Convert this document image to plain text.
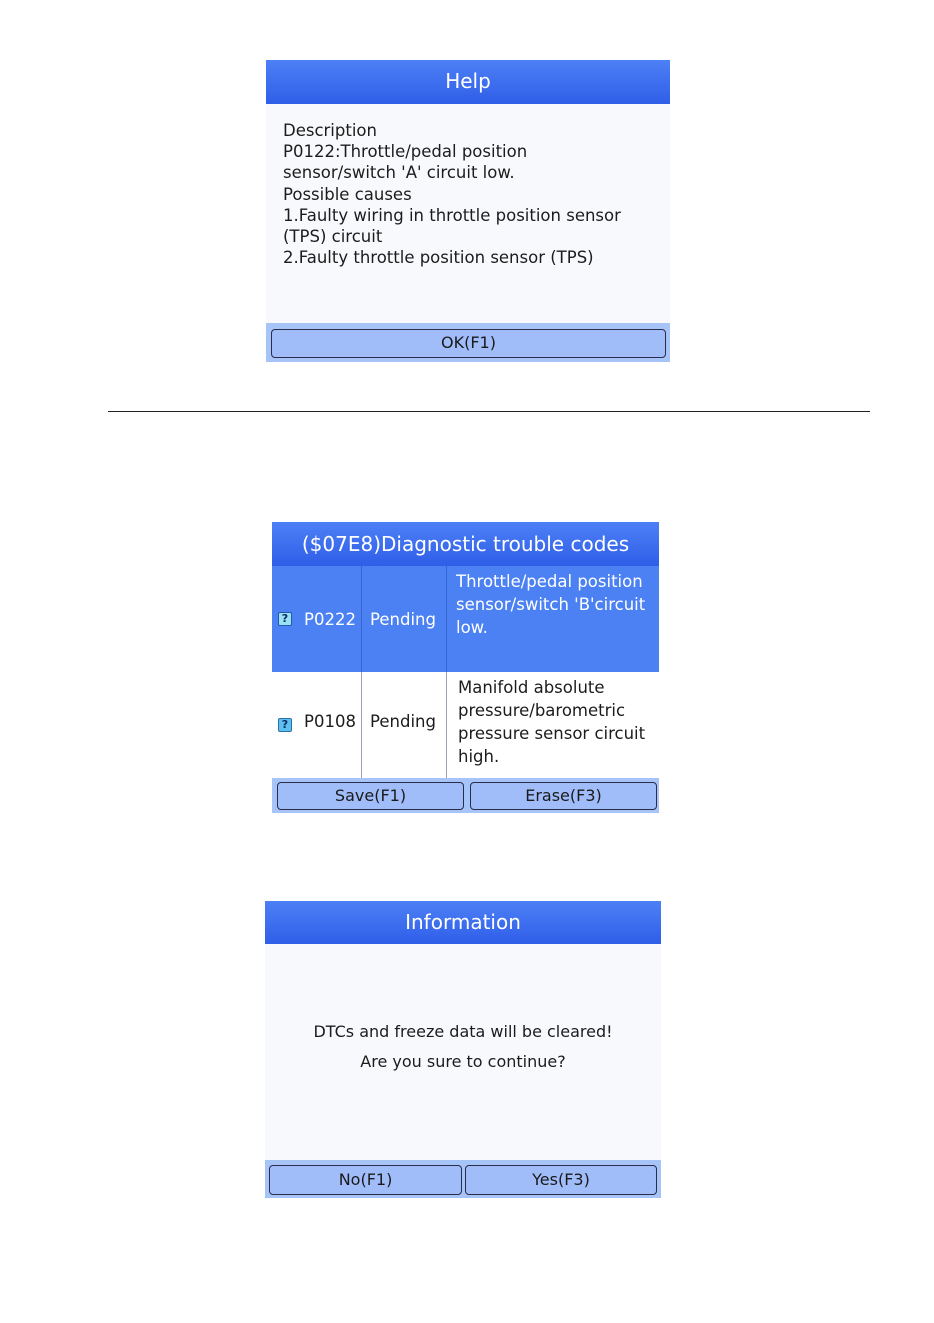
Help
Description
P0122:Throttle/pedal position
sensor/switch 'A' circuit low.
Possible causes
1.Faulty wiring in throttle position sensor
(TPS) circuit
2.Faulty throttle position sensor (TPS)
OK(F1)
($07E8)Diagnostic trouble codes
? P0222 Pending
Throttle/pedal position sensor/switch 'B'circuit low.
? P0108 Pending
Manifold absolute pressure/barometric pressure sensor circuit high.
Save(F1)	Erase(F3)
Information
DTCs and freeze data will be cleared!
Are you sure to continue?
No(F1)	Yes(F3)
